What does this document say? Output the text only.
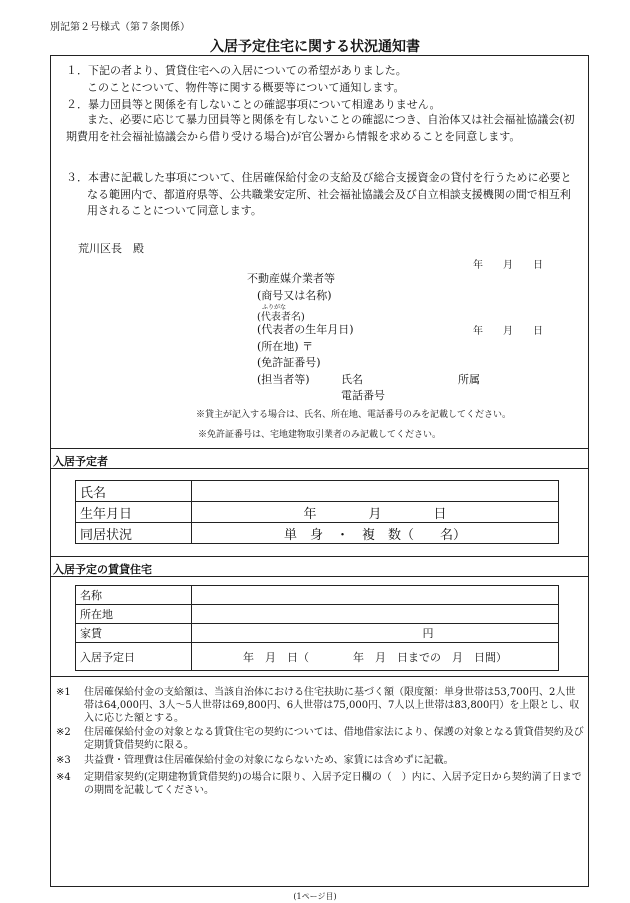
別記第２号様式（第７条関係）
入居予定住宅に関する状況通知書
１．下記の者より、賃貸住宅への入居についての希望がありました。
このことについて、物件等に関する概要等について通知します。
２．暴力団員等と関係を有しないことの確認事項について相違ありません。
また、必要に応じて暴力団員等と関係を有しないことの確認につき、自治体又は社会福祉協議会(初期費用を社会福祉協議会から借り受ける場合)が官公署から情報を求めることを同意します。
３．本書に記載した事項について、住居確保給付金の支給及び総合支援資金の貸付を行うために必要となる範囲内で、都道府県等、公共職業安定所、社会福祉協議会及び自立相談支援機関の間で相互利用されることについて同意します。
荒川区長　殿
年　　月　　日
不動産媒介業者等
(商号又は名称)
ふりがな
(代表者名)
(代表者の生年月日)	年　　月　　日
(所在地) 〒
(免許証番号)
(担当者等)	氏名	所属
電話番号
※貸主が記入する場合は、氏名、所在地、電話番号のみを記載してください。
※免許証番号は、宅地建物取引業者のみ記載してください。
入居予定者
氏名	
生年月日	年　　　　月　　　　日
同居状況	単　身　・　複　数（　　名）
入居予定の賃貸住宅
名称	
所在地	
家賃	円
入居予定日	年　月　日（　　　　年　月　日までの　月　日間）
※1 住居確保給付金の支給額は、当該自治体における住宅扶助に基づく額（限度額：単身世帯は53,700円、2人世帯は64,000円、3人～5人世帯は69,800円、6人世帯は75,000円、7人以上世帯は83,800円）を上限とし、収入に応じた額とする。
※2 住居確保給付金の対象となる賃貸住宅の契約については、借地借家法により、保護の対象となる賃貸借契約及び定期賃貸借契約に限る。
※3 共益費・管理費は住居確保給付金の対象にならないため、家賃には含めずに記載。
※4 定期借家契約(定期建物賃貸借契約)の場合に限り、入居予定日欄の（　）内に、入居予定日から契約満了日までの期間を記載してください。
(1ページ目)
